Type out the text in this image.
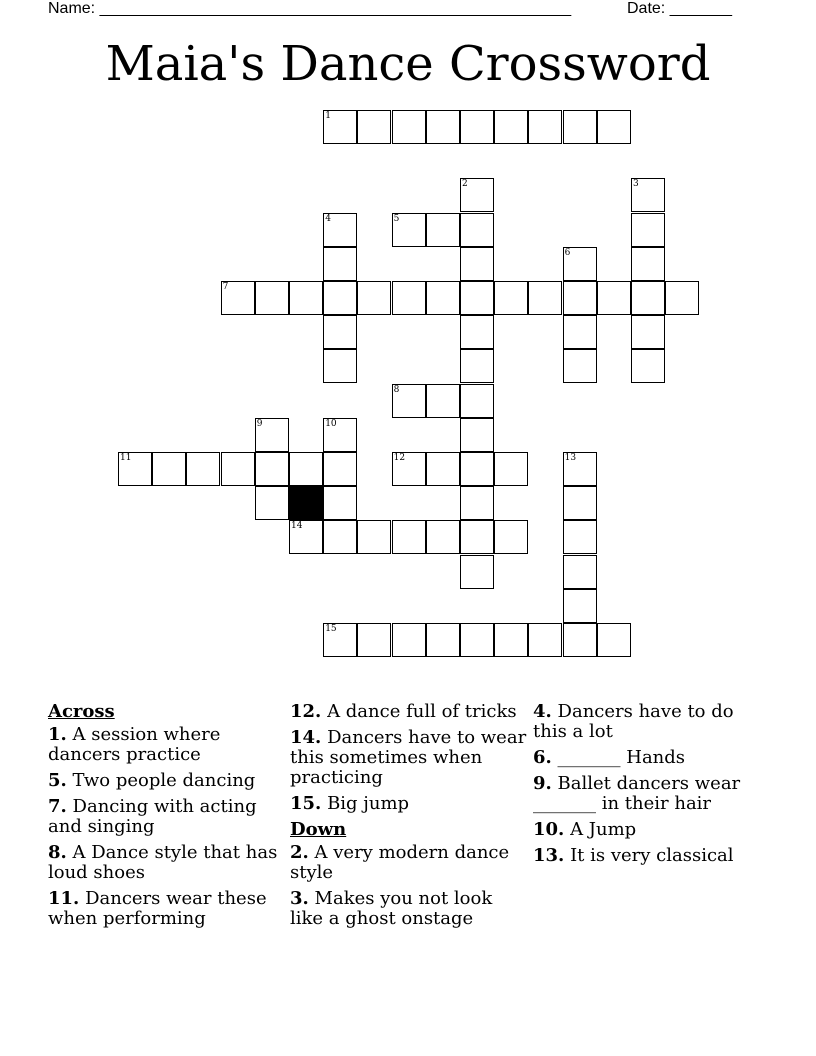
Name: _____________________________________________________	Date: _______
Maia's Dance Crossword
1
5
7
8
11	12
14
15
2	3
4
6
9	10
13
Across
1. A session where dancers practice
5. Two people dancing
7. Dancing with acting and singing
8. A Dance style that has loud shoes
11. Dancers wear these when performing
12. A dance full of tricks
14. Dancers have to wear this sometimes when practicing
15. Big jump
Down
2. A very modern dance style
3. Makes you not look like a ghost onstage
4. Dancers have to do this a lot
6. _______ Hands
9. Ballet dancers wear _______ in their hair
10. A Jump
13. It is very classical
